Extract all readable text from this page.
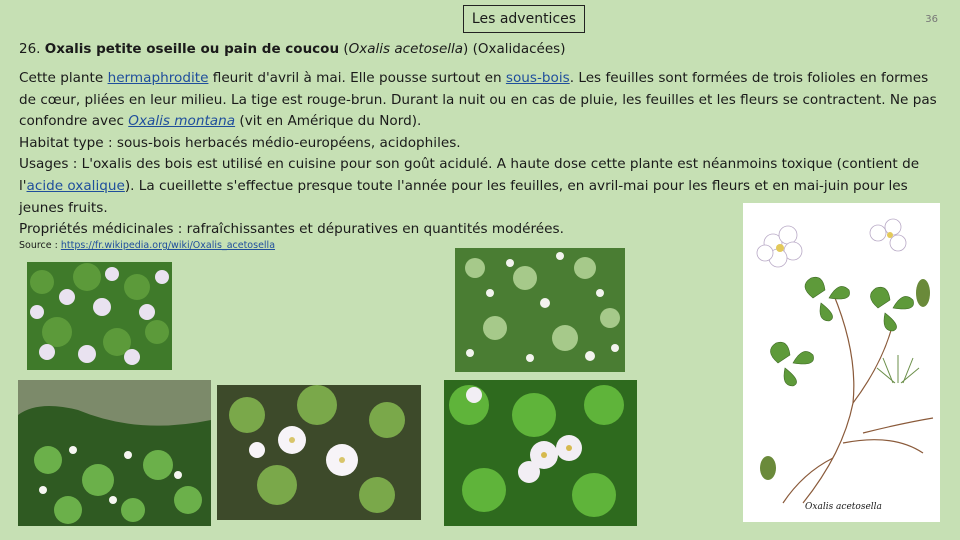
Les adventices	36
26. Oxalis petite oseille ou pain de coucou (Oxalis acetosella) (Oxalidacées)

Cette plante hermaphrodite fleurit d'avril à mai. Elle pousse surtout en sous-bois. Les feuilles sont formées de trois folioles en formes de cœur, pliées en leur milieu. La tige est rouge-brun. Durant la nuit ou en cas de pluie, les feuilles et les fleurs se contractent. Ne pas confondre avec Oxalis montana (vit en Amérique du Nord).

Habitat type : sous-bois herbacés médio-européens, acidophiles.

Usages : L'oxalis des bois est utilisé en cuisine pour son goût acidulé. A haute dose cette plante est néanmoins toxique (contient de l'acide oxalique). La cueillette s'effectue presque toute l'année pour les feuilles, en avril-mai pour les fleurs et en mai-juin pour les jeunes fruits.

Propriétés médicinales : rafraîchissantes et dépuratives en quantités modérées.

Source : https://fr.wikipedia.org/wiki/Oxalis_acetosella
Oxalis acetosella
